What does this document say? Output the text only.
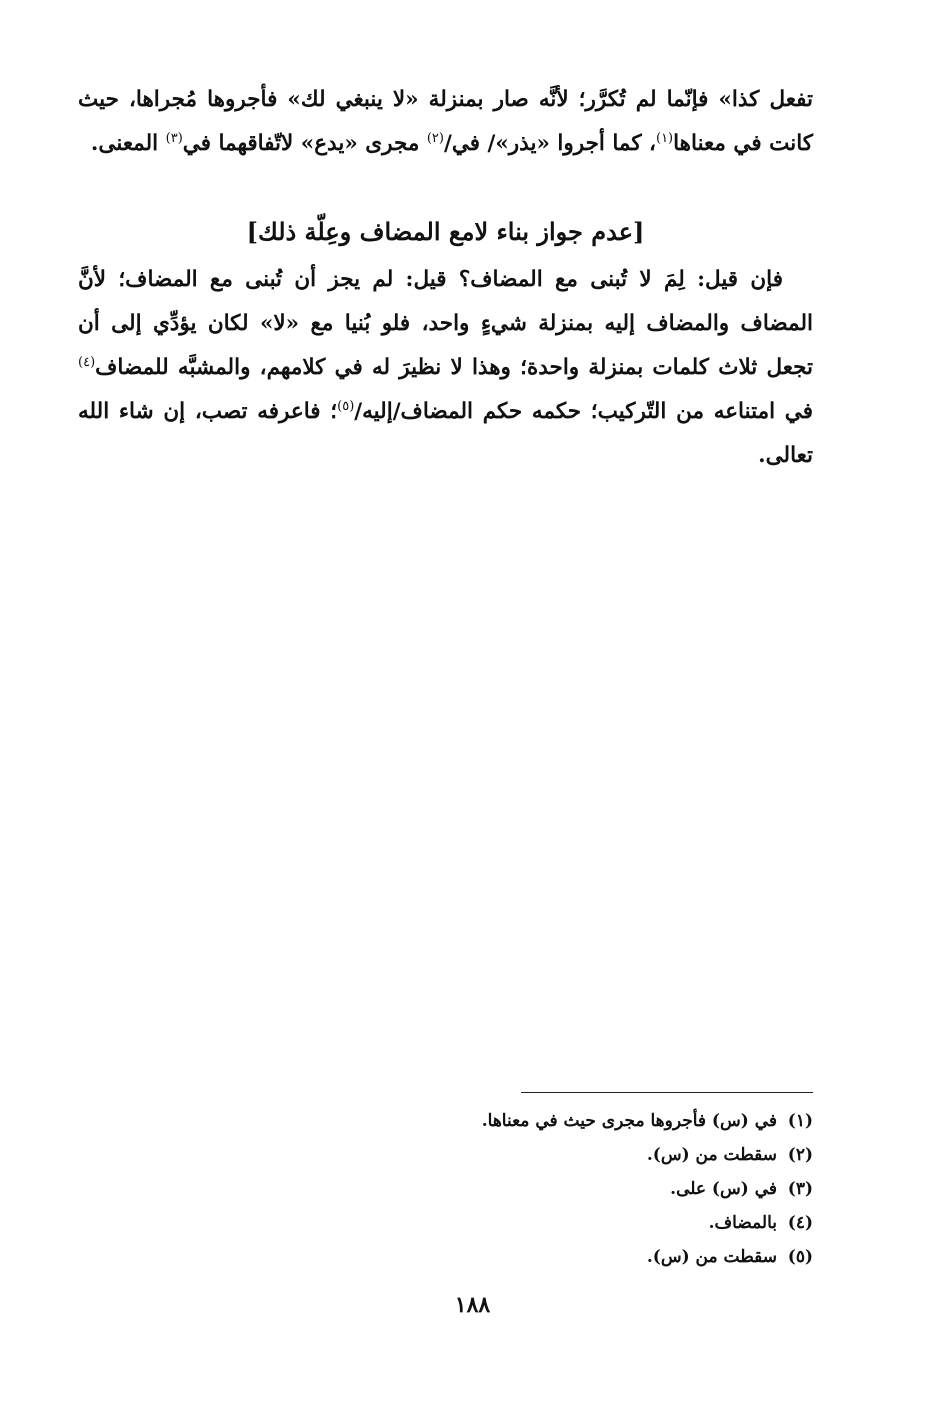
تفعل كذا» فإنّما لم تُكرَّر؛ لأنَّه صار بمنزلة «لا ينبغي لك» فأجروها مُجراها، حيث كانت في معناها$^{(١)}$، كما أجروا «يذر»/ في/$^{(٢)}$ مجرى «يدع» لاتّفاقهما في$^{(٣)}$ المعنى.

[عدم جواز بناء لامع المضاف وعِلّة ذلك]

فإن قيل: لِمَ لا تُبنى مع المضاف؟ قيل: لم يجز أن تُبنى مع المضاف؛ لأنَّ المضاف والمضاف إليه بمنزلة شيءٍ واحد، فلو بُنيا مع «لا» لكان يؤدِّي إلى أن تجعل ثلاث كلمات بمنزلة واحدة؛ وهذا لا نظيرَ له في كلامهم، والمشبَّه للمضاف$^{(٤)}$ في امتناعه من التّركيب؛ حكمه حكم المضاف/إليه/$^{(٥)}$؛ فاعرفه تصب، إن شاء الله تعالى.

(١)في (س) فأجروها مجرى حيث في معناها.
(٢)سقطت من (س).
(٣)في (س) على.
(٤)بالمضاف.
(٥)سقطت من (س).
١٨٨
